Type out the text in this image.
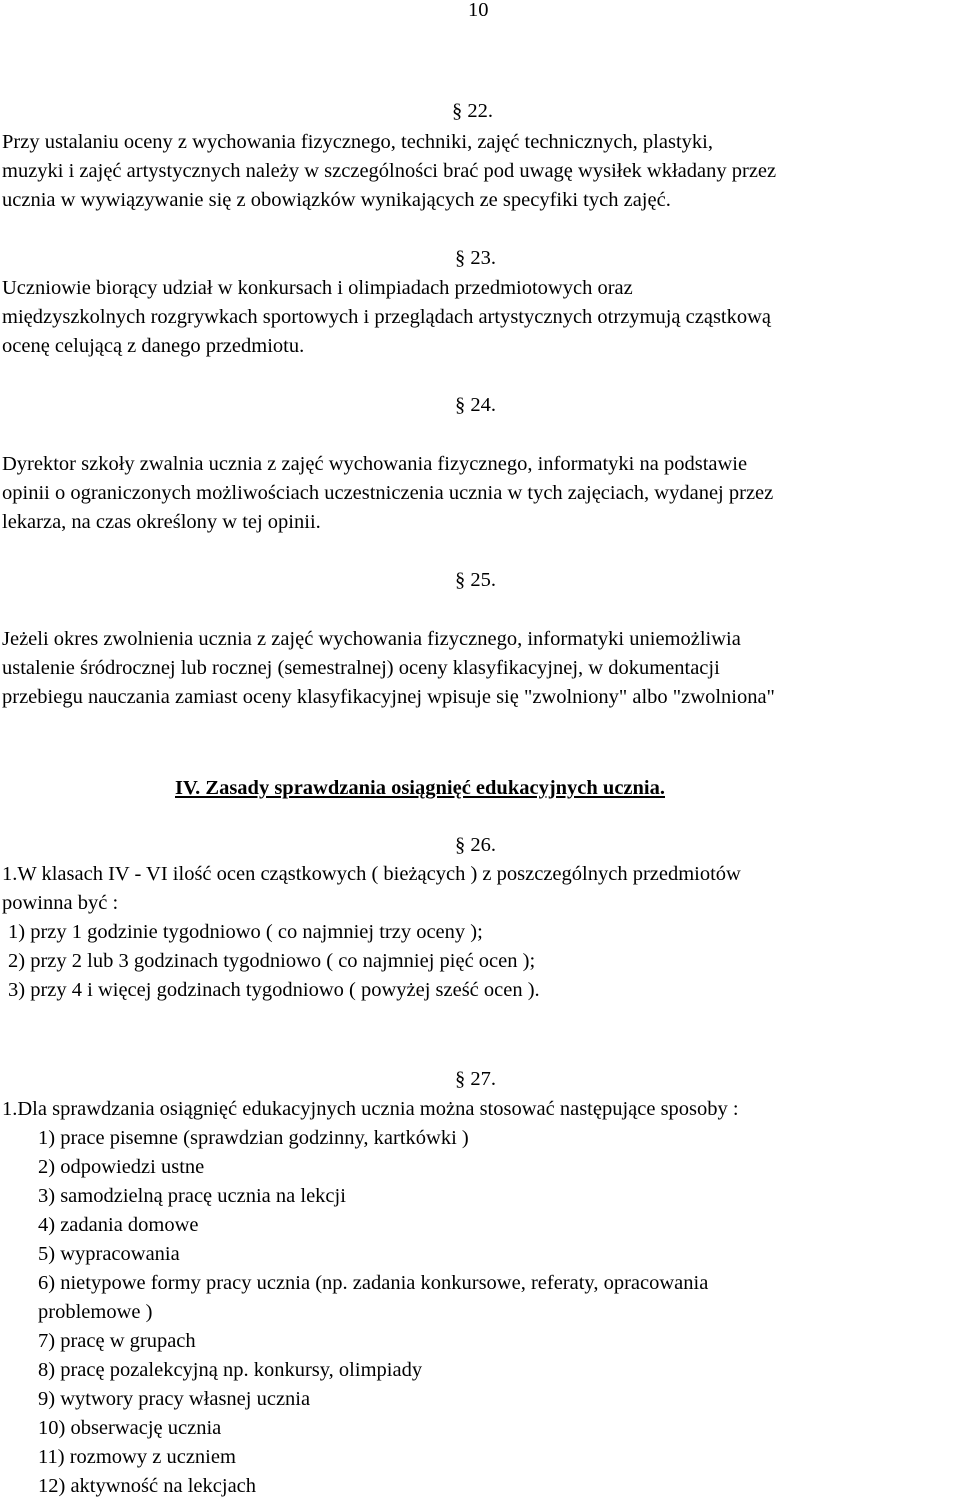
10
§ 22.
Przy ustalaniu oceny z wychowania fizycznego, techniki, zajęć technicznych, plastyki,
muzyki i zajęć artystycznych należy w szczególności brać pod uwagę wysiłek wkładany przez
ucznia w wywiązywanie się z obowiązków wynikających ze specyfiki tych zajęć.
§ 23.
Uczniowie biorący udział w konkursach i olimpiadach przedmiotowych oraz
międzyszkolnych rozgrywkach sportowych i przeglądach artystycznych otrzymują cząstkową
ocenę celującą z danego przedmiotu.
§ 24.
Dyrektor szkoły zwalnia ucznia z zajęć wychowania fizycznego, informatyki na podstawie
opinii o ograniczonych możliwościach uczestniczenia ucznia w tych zajęciach, wydanej przez
lekarza, na czas określony w tej opinii.
§ 25.
Jeżeli okres zwolnienia ucznia z zajęć wychowania fizycznego, informatyki uniemożliwia
ustalenie śródrocznej lub rocznej (semestralnej) oceny klasyfikacyjnej, w dokumentacji
przebiegu nauczania zamiast oceny klasyfikacyjnej wpisuje się "zwolniony" albo "zwolniona"
IV. Zasady sprawdzania osiągnięć edukacyjnych ucznia.
§ 26.
1.W klasach IV - VI ilość ocen cząstkowych ( bieżących ) z poszczególnych przedmiotów
powinna być :
1) przy 1 godzinie tygodniowo ( co najmniej trzy oceny );
2) przy 2 lub 3 godzinach tygodniowo ( co najmniej pięć ocen );
3) przy 4 i więcej godzinach tygodniowo ( powyżej sześć ocen ).
§ 27.
1.Dla sprawdzania osiągnięć edukacyjnych ucznia można stosować następujące sposoby :
1) prace pisemne (sprawdzian godzinny, kartkówki )
2) odpowiedzi ustne
3) samodzielną pracę ucznia na lekcji
4) zadania domowe
5) wypracowania
6) nietypowe formy pracy ucznia (np. zadania konkursowe, referaty, opracowania
problemowe )
7) pracę w grupach
8) pracę pozalekcyjną np. konkursy, olimpiady
9) wytwory pracy własnej ucznia
10) obserwację ucznia
11) rozmowy z uczniem
12) aktywność na lekcjach
